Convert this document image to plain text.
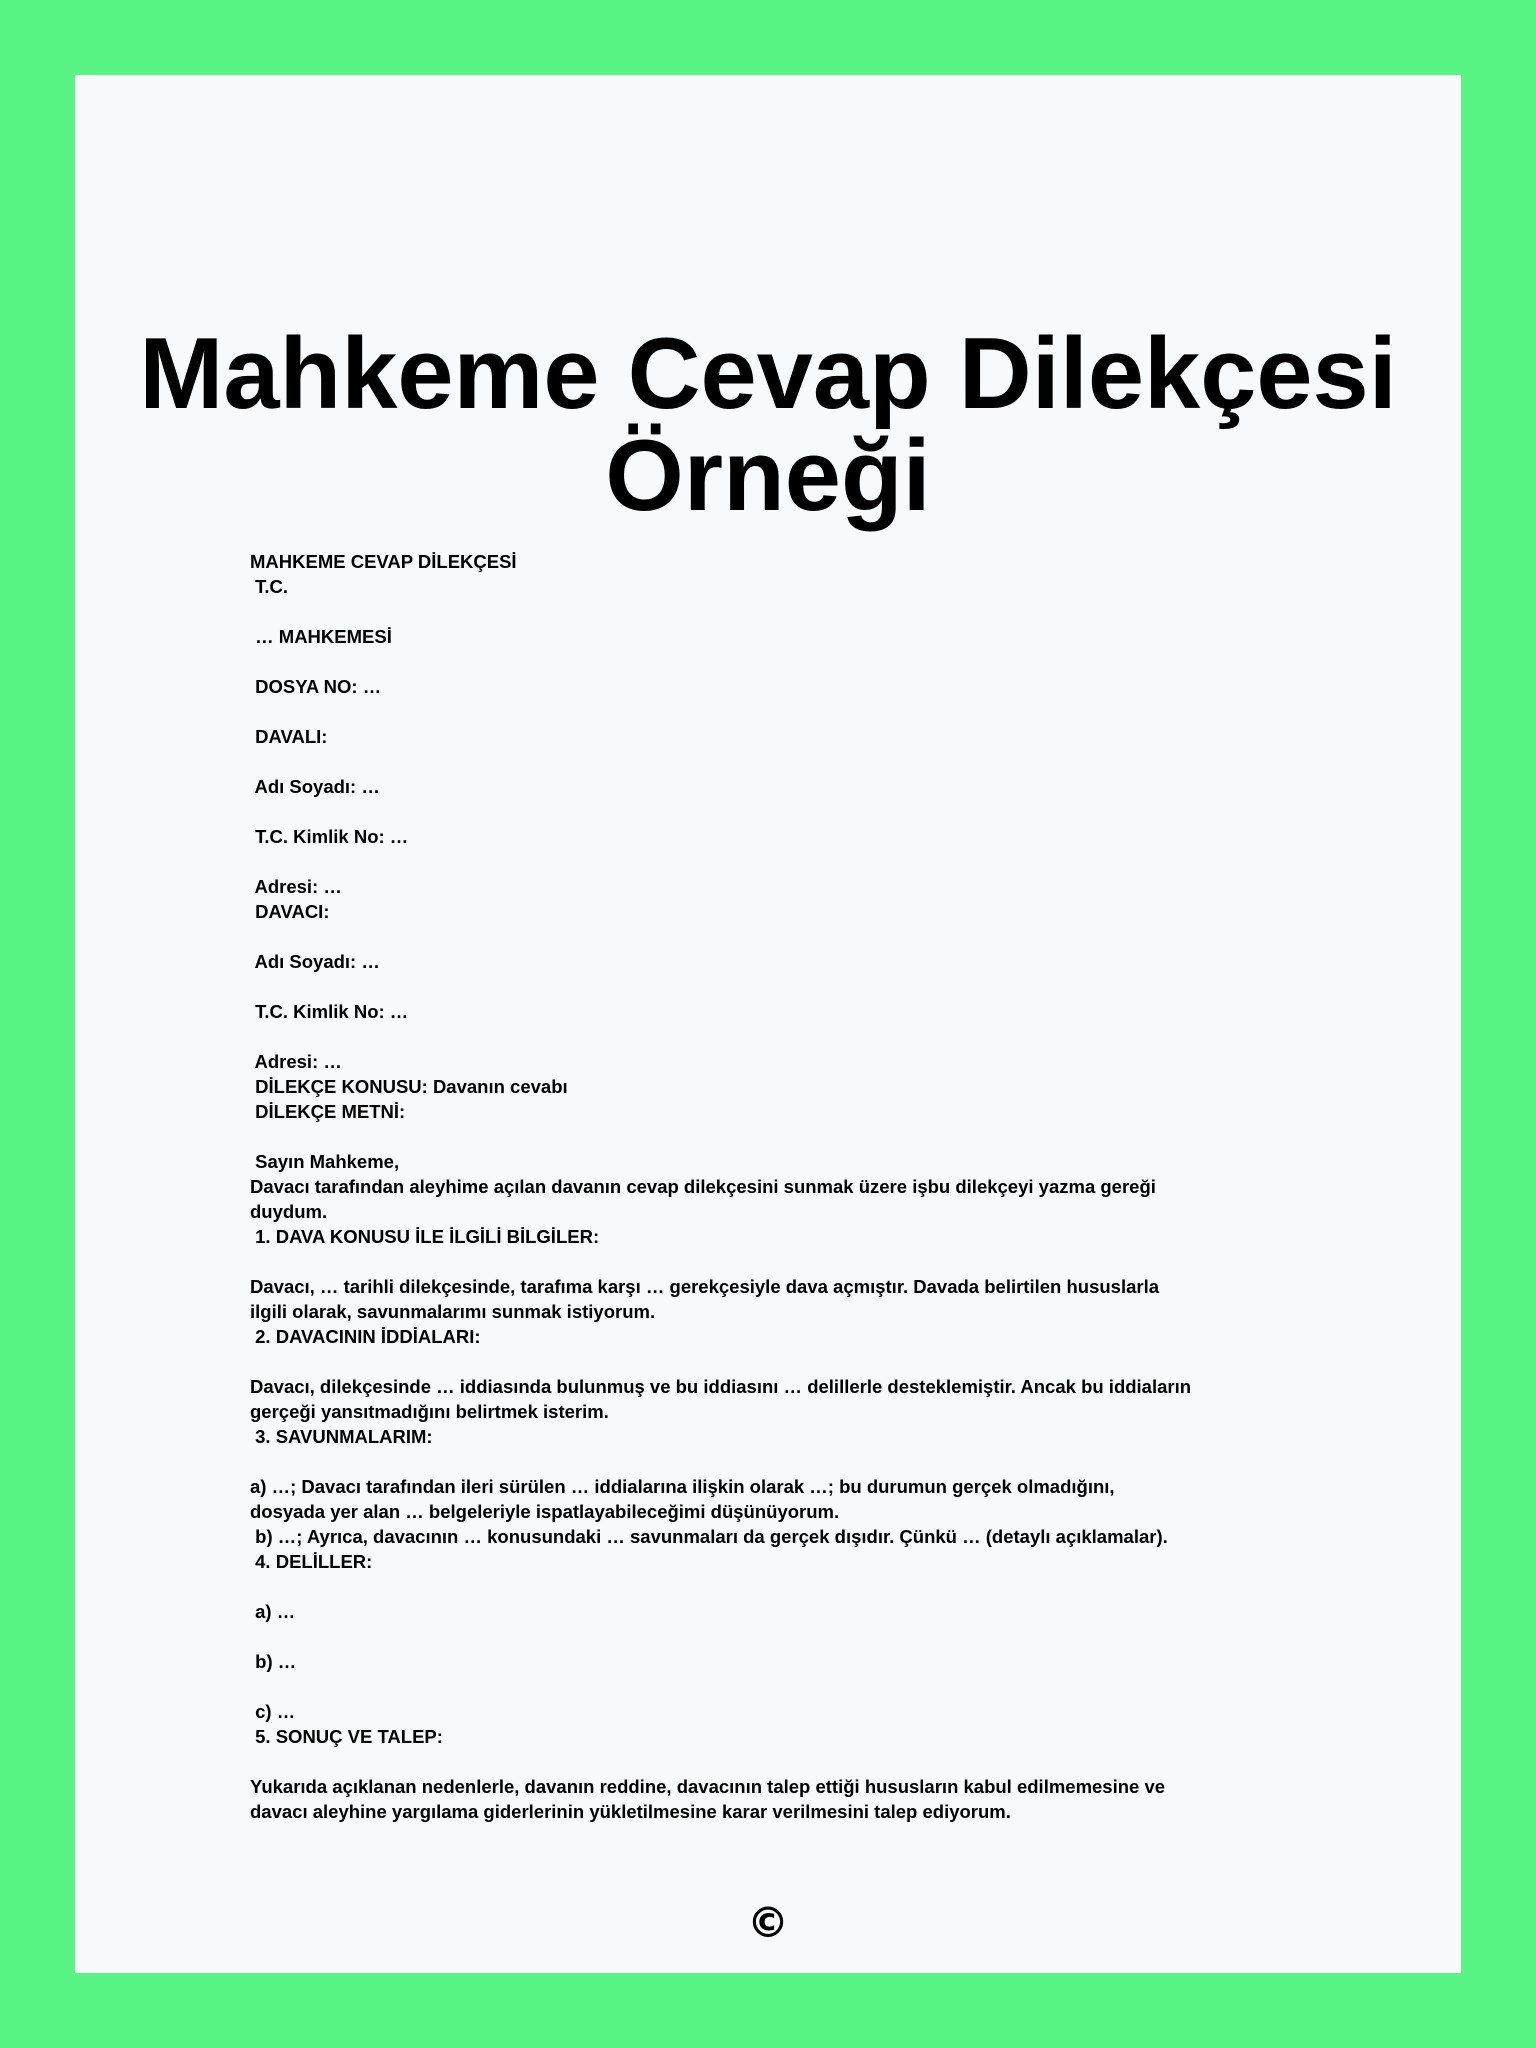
Mahkeme Cevap Dilekçesi
Örneği
MAHKEME CEVAP DİLEKÇESİ
T.C.
… MAHKEMESİ
DOSYA NO: …
DAVALI:
Adı Soyadı: …
T.C. Kimlik No: …
Adresi: …
DAVACI:
Adı Soyadı: …
T.C. Kimlik No: …
Adresi: …
DİLEKÇE KONUSU: Davanın cevabı
DİLEKÇE METNİ:
Sayın Mahkeme,
Davacı tarafından aleyhime açılan davanın cevap dilekçesini sunmak üzere işbu dilekçeyi yazma gereği
duydum.
1. DAVA KONUSU İLE İLGİLİ BİLGİLER:
Davacı, … tarihli dilekçesinde, tarafıma karşı … gerekçesiyle dava açmıştır. Davada belirtilen hususlarla
ilgili olarak, savunmalarımı sunmak istiyorum.
2. DAVACININ İDDİALARI:
Davacı, dilekçesinde … iddiasında bulunmuş ve bu iddiasını … delillerle desteklemiştir. Ancak bu iddiaların
gerçeği yansıtmadığını belirtmek isterim.
3. SAVUNMALARIM:
a) …; Davacı tarafından ileri sürülen … iddialarına ilişkin olarak …; bu durumun gerçek olmadığını,
dosyada yer alan … belgeleriyle ispatlayabileceğimi düşünüyorum.
b) …; Ayrıca, davacının … konusundaki … savunmaları da gerçek dışıdır. Çünkü … (detaylı açıklamalar).
4. DELİLLER:
a) …
b) …
c) …
5. SONUÇ VE TALEP:
Yukarıda açıklanan nedenlerle, davanın reddine, davacının talep ettiği hususların kabul edilmemesine ve
davacı aleyhine yargılama giderlerinin yükletilmesine karar verilmesini talep ediyorum.
©
